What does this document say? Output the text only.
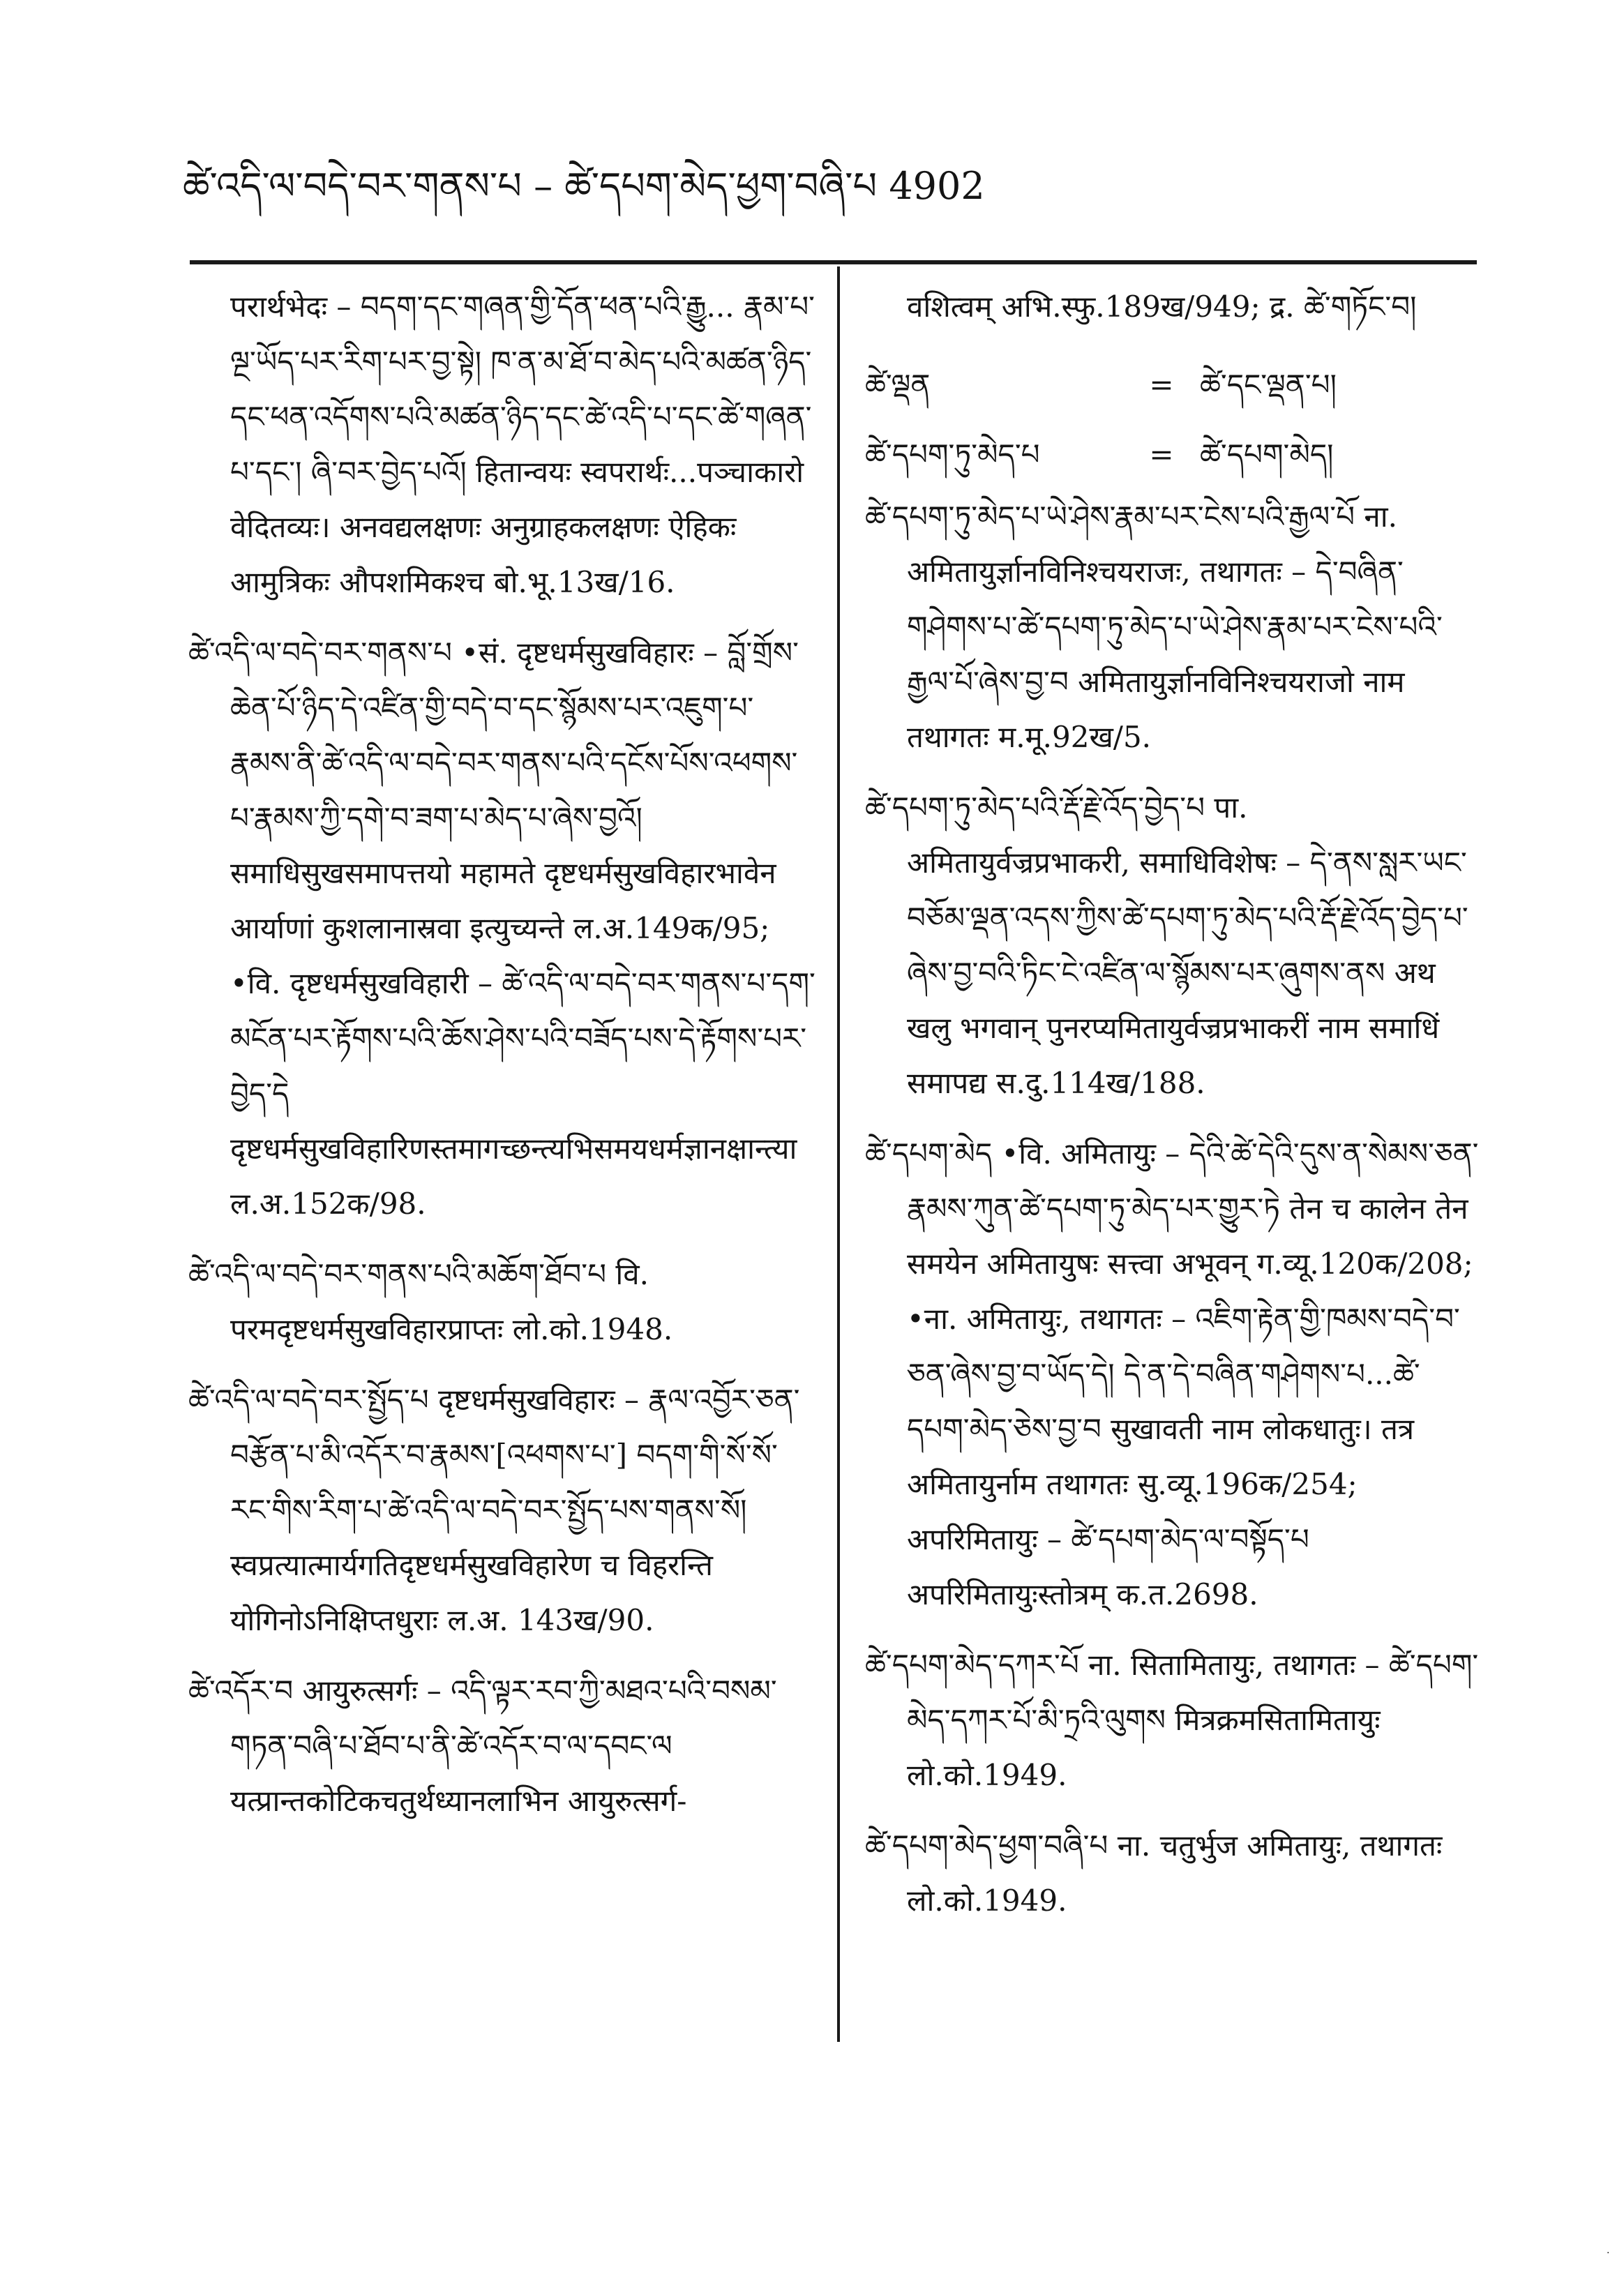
ཚེ་འདི་ལ་བདེ་བར་གནས་པ – ཚེ་དཔག་མེད་ཕྱག་བཞི་པ 4902

परार्थभेदः – བདག་དང་གཞན་གྱི་དོན་ཕན་པའི་རྒྱུ... རྣམ་པ་ལྔ་ཡོད་པར་རིག་པར་བྱ་སྟེ། ཁ་ན་མ་ཐོ་བ་མེད་པའི་མཚན་ཉིད་དང་ཕན་འདོགས་པའི་མཚན་ཉིད་དང་ཚེ་འདི་པ་དང་ཚེ་གཞན་པ་དང་། ཞི་བར་བྱེད་པའོ། हितान्वयः स्वपरार्थः...पञ्चाकारो वेदितव्यः। अनवद्यलक्षणः अनुग्राहकलक्षणः ऐहिकः आमुत्रिकः औपशमिकश्च बो.भू.13ख/16.

ཚེ་འདི་ལ་བདེ་བར་གནས་པ •सं. दृष्टधर्मसुखविहारः – བློ་གྲོས་ཆེན་པོ་ཉིད་དེ་འཛིན་གྱི་བདེ་བ་དང་སྙོམས་པར་འཇུག་པ་རྣམས་ནི་ཚེ་འདི་ལ་བདེ་བར་གནས་པའི་དངོས་པོས་འཕགས་པ་རྣམས་ཀྱི་དགེ་བ་ཟག་པ་མེད་པ་ཞེས་བྱའོ། समाधिसुखसमापत्तयो महामते दृष्टधर्मसुखविहारभावेन आर्याणां कुशलानास्रवा इत्युच्यन्ते ल.अ.149क/95; •वि. दृष्टधर्मसुखविहारी – ཚེ་འདི་ལ་བདེ་བར་གནས་པ་དག་མངོན་པར་རྟོགས་པའི་ཆོས་ཤེས་པའི་བཟོད་པས་དེ་རྟོགས་པར་བྱེད་དེ दृष्टधर्मसुखविहारिणस्तमागच्छन्त्यभिसमयधर्मज्ञानक्षान्त्या ल.अ.152क/98.

ཚེ་འདི་ལ་བདེ་བར་གནས་པའི་མཆོག་ཐོབ་པ वि. परमदृष्टधर्मसुखविहारप्राप्तः लो.को.1948.

ཚེ་འདི་ལ་བདེ་བར་སྤྱོད་པ दृष्टधर्मसुखविहारः – རྣལ་འབྱོར་ཅན་བརྩོན་པ་མི་འདོར་བ་རྣམས་[འཕགས་པ་] བདག་གི་སོ་སོ་རང་གིས་རིག་པ་ཚེ་འདི་ལ་བདེ་བར་སྤྱོད་པས་གནས་སོ། स्वप्रत्यात्मार्यगतिदृष्टधर्मसुखविहारेण च विहरन्ति योगिनोऽनिक्षिप्तधुराः ल.अ. 143ख/90.

ཚེ་འདོར་བ आयुरुत्सर्गः – འདི་ལྟར་རབ་ཀྱི་མཐའ་པའི་བསམ་གཏན་བཞི་པ་ཐོབ་པ་ནི་ཚེ་འདོར་བ་ལ་དབང་ལ यत्प्रान्तकोटिकचतुर्थध्यानलाभिन आयुरुत्सर्ग-

वशित्वम् अभि.स्फु.189ख/949; द्र. ཚེ་གཏོང་བ།

ཚེ་ལྡན	= ཚེ་དང་ལྡན་པ།
ཚེ་དཔག་ཏུ་མེད་པ	= ཚེ་དཔག་མེད།

ཚེ་དཔག་ཏུ་མེད་པ་ཡེ་ཤེས་རྣམ་པར་ངེས་པའི་རྒྱལ་པོ ना. अमितायुर्ज्ञानविनिश्चयराजः, तथागतः – དེ་བཞིན་གཤེགས་པ་ཚེ་དཔག་ཏུ་མེད་པ་ཡེ་ཤེས་རྣམ་པར་ངེས་པའི་རྒྱལ་པོ་ཞེས་བྱ་བ अमितायुर्ज्ञानविनिश्चयराजो नाम तथागतः म.मू.92ख/5.

ཚེ་དཔག་ཏུ་མེད་པའི་རྡོ་རྗེ་འོད་བྱེད་པ पा. अमितायुर्वज्रप्रभाकरी, समाधिविशेषः – དེ་ནས་སླར་ཡང་བཅོམ་ལྡན་འདས་ཀྱིས་ཚེ་དཔག་ཏུ་མེད་པའི་རྡོ་རྗེ་འོད་བྱེད་པ་ཞེས་བྱ་བའི་ཏིང་ངེ་འཛིན་ལ་སྙོམས་པར་ཞུགས་ནས अथ खलु भगवान् पुनरप्यमितायुर्वज्रप्रभाकरीं नाम समाधिं समापद्य स.दु.114ख/188.

ཚེ་དཔག་མེད •वि. अमितायुः – དེའི་ཚེ་དེའི་དུས་ན་སེམས་ཅན་རྣམས་ཀུན་ཚེ་དཔག་ཏུ་མེད་པར་གྱུར་ཏེ तेन च कालेन तेन समयेन अमितायुषः सत्त्वा अभूवन् ग.व्यू.120क/208; •ना. अमितायुः, तथागतः – འཇིག་རྟེན་གྱི་ཁམས་བདེ་བ་ཅན་ཞེས་བྱ་བ་ཡོད་དེ། དེ་ན་དེ་བཞིན་གཤེགས་པ...ཚེ་དཔག་མེད་ཅེས་བྱ་བ सुखावती नाम लोकधातुः। तत्र अमितायुर्नाम तथागतः सु.व्यू.196क/254; अपरिमितायुः – ཚེ་དཔག་མེད་ལ་བསྟོད་པ अपरिमितायुःस्तोत्रम् क.त.2698.

ཚེ་དཔག་མེད་དཀར་པོ ना. सितामितायुः, तथागतः – ཚེ་དཔག་མེད་དཀར་པོ་མི་ཏྲའི་ལུགས मित्रक्रमसितामितायुः लो.को.1949.

ཚེ་དཔག་མེད་ཕྱག་བཞི་པ ना. चतुर्भुज अमितायुः, तथागतः लो.को.1949.

·
